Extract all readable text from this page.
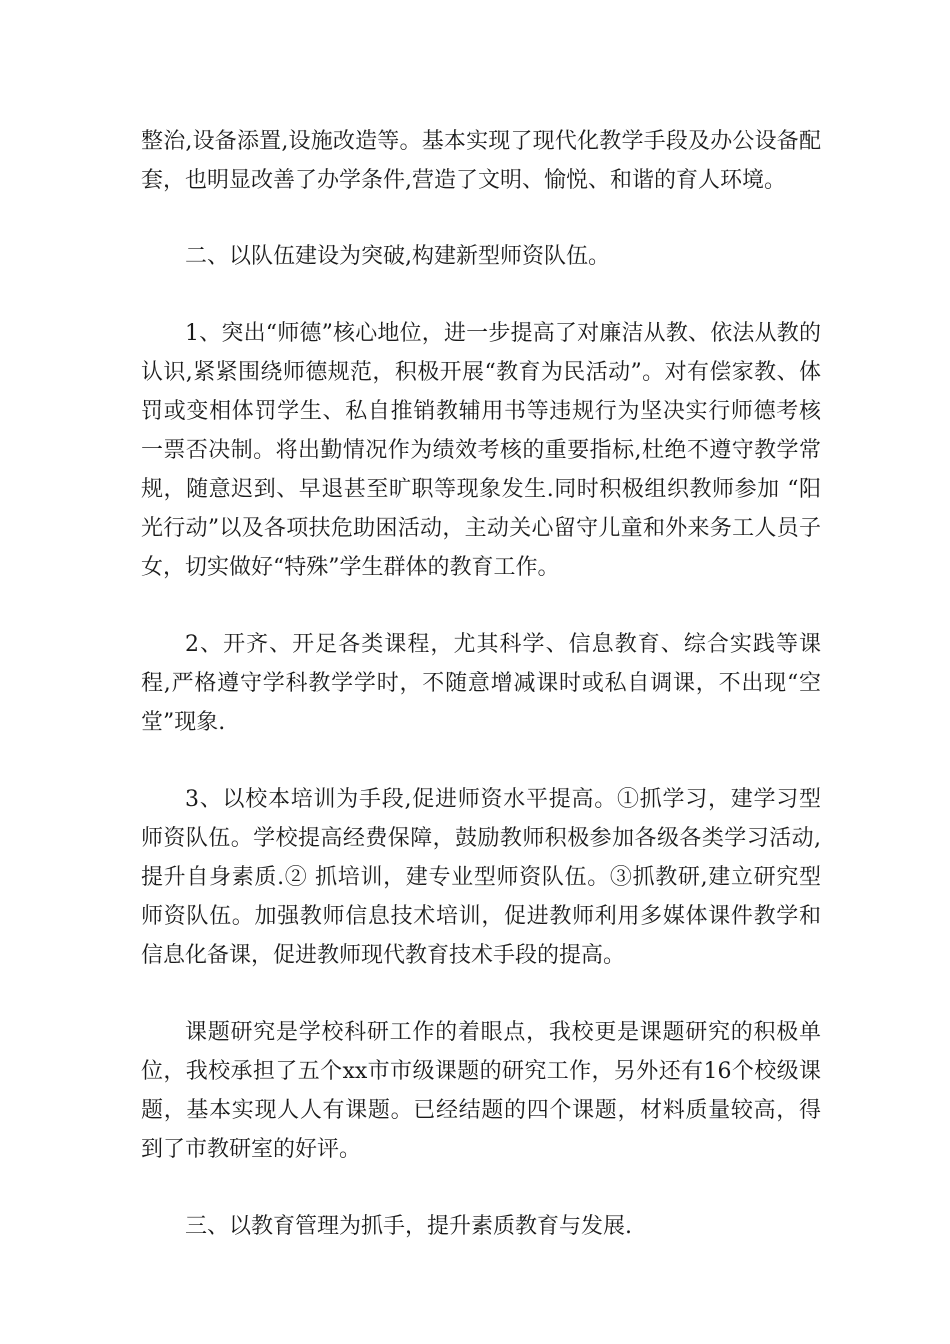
整治,设备添置,设施改造等。基本实现了现代化教学手段及办公设备配套，也明显改善了办学条件,营造了文明、愉悦、和谐的育人环境。

二、以队伍建设为突破,构建新型师资队伍。

1、突出“师德”核心地位，进一步提高了对廉洁从教、依法从教的认识,紧紧围绕师德规范，积极开展“教育为民活动”。对有偿家教、体罚或变相体罚学生、私自推销教辅用书等违规行为坚决实行师德考核一票否决制。将出勤情况作为绩效考核的重要指标,杜绝不遵守教学常规，随意迟到、早退甚至旷职等现象发生.同时积极组织教师参加 “阳光行动”以及各项扶危助困活动，主动关心留守儿童和外来务工人员子女，切实做好“特殊”学生群体的教育工作。

2、开齐、开足各类课程，尤其科学、信息教育、综合实践等课程,严格遵守学科教学学时，不随意增减课时或私自调课，不出现“空堂”现象.

3、以校本培训为手段,促进师资水平提高。①抓学习，建学习型师资队伍。学校提高经费保障，鼓励教师积极参加各级各类学习活动,提升自身素质.② 抓培训，建专业型师资队伍。③抓教研,建立研究型师资队伍。加强教师信息技术培训，促进教师利用多媒体课件教学和信息化备课，促进教师现代教育技术手段的提高。

课题研究是学校科研工作的着眼点，我校更是课题研究的积极单位，我校承担了五个xx市市级课题的研究工作，另外还有16个校级课题，基本实现人人有课题。已经结题的四个课题，材料质量较高，得到了市教研室的好评。

三、以教育管理为抓手，提升素质教育与发展.
